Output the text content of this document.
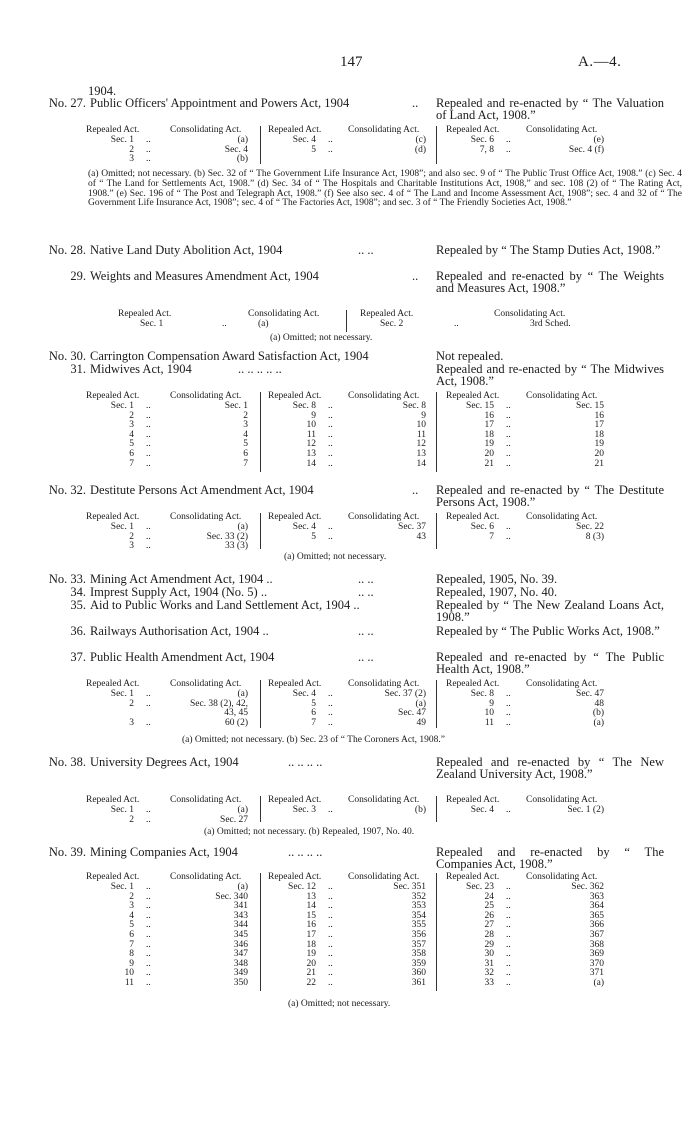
147	A.—4.
1904.
No. 27. Public Officers' Appointment and Powers Act, 1904	.. Repealed and re-enacted by “ The Valuation of Land Act, 1908.”
Repealed Act.	Consolidating Act.	Repealed Act.	Consolidating Act.	Repealed Act.	Consolidating Act.
Sec. 1 ..	(a)
2 ..	Sec. 4
3 ..	(b)
Sec. 4 ..	(c)
5 ..	(d)
Sec. 6 ..	(e)
7, 8 ..	Sec. 4 (f)
(a) Omitted; not necessary. (b) Sec. 32 of “ The Government Life Insurance Act, 1908”; and also sec. 9 of “ The Public Trust Office Act, 1908.” (c) Sec. 4 of “ The Land for Settlements Act, 1908.” (d) Sec. 34 of “ The Hospitals and Charitable Institutions Act, 1908,” and sec. 108 (2) of “ The Rating Act, 1908.” (e) Sec. 196 of “ The Post and Telegraph Act, 1908.” (f) See also sec. 4 of “ The Land and Income Assessment Act, 1908”; sec. 4 and 32 of “ The Government Life Insurance Act, 1908”; sec. 4 of “ The Factories Act, 1908”; and sec. 3 of “ The Friendly Societies Act, 1908.”
No. 28. Native Land Duty Abolition Act, 1904	.. ..	Repealed by “ The Stamp Duties Act, 1908.”
29. Weights and Measures Amendment Act, 1904	.. Repealed and re-enacted by “ The Weights and Measures Act, 1908.”
Repealed Act.	Consolidating Act.	Repealed Act.	Consolidating Act.
Sec. 1	..	(a)	Sec. 2	..	3rd Sched.
(a) Omitted; not necessary.
No. 30. Carrington Compensation Award Satisfaction Act, 1904	Not repealed.
31. Midwives Act, 1904	.. .. .. .. ..	Repealed and re-enacted by “ The Midwives Act, 1908.”
Repealed Act.	Consolidating Act.	Repealed Act.	Consolidating Act.	Repealed Act.	Consolidating Act.
Sec. 1 ..	Sec. 1
2 ..	2
3 ..	3
4 ..	4
5 ..	5
6 ..	6
7 ..	7
Sec. 8 ..	Sec. 8
9 ..	9
10 ..	10
11 ..	11
12 ..	12
13 ..	13
14 ..	14
Sec. 15 ..	Sec. 15
16 ..	16
17 ..	17
18 ..	18
19 ..	19
20 ..	20
21 ..	21
No. 32. Destitute Persons Act Amendment Act, 1904	.. Repealed and re-enacted by “ The Destitute Persons Act, 1908.”
Repealed Act.	Consolidating Act.	Repealed Act.	Consolidating Act.	Repealed Act.	Consolidating Act.
Sec. 1 ..	(a)
2 ..	Sec. 33 (2)
3 ..	33 (3)
Sec. 4 ..	Sec. 37
5 ..	43
Sec. 6 ..	Sec. 22
7 ..	8 (3)
(a) Omitted; not necessary.
No. 33. Mining Act Amendment Act, 1904 ..	.. ..	Repealed, 1905, No. 39.
34. Imprest Supply Act, 1904 (No. 5) ..	.. ..	Repealed, 1907, No. 40.
35. Aid to Public Works and Land Settlement Act, 1904 ..	Repealed by “ The New Zealand Loans Act, 1908.”
36. Railways Authorisation Act, 1904 ..	.. ..	Repealed by “ The Public Works Act, 1908.”
37. Public Health Amendment Act, 1904	.. ..	Repealed and re-enacted by “ The Public Health Act, 1908.”
Repealed Act.	Consolidating Act.	Repealed Act.	Consolidating Act.	Repealed Act.	Consolidating Act.
Sec. 1 ..	(a)
2 ..	Sec. 38 (2), 42,
43, 45
3 ..	60 (2)
Sec. 4 ..	Sec. 37 (2)
5 ..	(a)
6 ..	Sec. 47
7 ..	49
Sec. 8 ..	Sec. 47
9 ..	48
10 ..	(b)
11 ..	(a)
(a) Omitted; not necessary. (b) Sec. 23 of “ The Coroners Act, 1908.”
No. 38. University Degrees Act, 1904	.. .. .. ..	Repealed and re-enacted by “ The New Zealand University Act, 1908.”
Repealed Act.	Consolidating Act.	Repealed Act.	Consolidating Act.	Repealed Act.	Consolidating Act.
Sec. 1 ..	(a)
2 ..	Sec. 27
Sec. 3 ..	(b)	Sec. 4 ..	Sec. 1 (2)
(a) Omitted; not necessary. (b) Repealed, 1907, No. 40.
No. 39. Mining Companies Act, 1904	.. .. .. ..	Repealed and re-enacted by “ The Companies Act, 1908.”
Repealed Act.	Consolidating Act.	Repealed Act.	Consolidating Act.	Repealed Act.	Consolidating Act.
Sec. 1 ..	(a)
2 ..	Sec. 340
3 ..	341
4 ..	343
5 ..	344
6 ..	345
7 ..	346
8 ..	347
9 ..	348
10 ..	349
11 ..	350
Sec. 12 ..	Sec. 351
13 ..	352
14 ..	353
15 ..	354
16 ..	355
17 ..	356
18 ..	357
19 ..	358
20 ..	359
21 ..	360
22 ..	361
Sec. 23 ..	Sec. 362
24 ..	363
25 ..	364
26 ..	365
27 ..	366
28 ..	367
29 ..	368
30 ..	369
31 ..	370
32 ..	371
33 ..	(a)
(a) Omitted; not necessary.
